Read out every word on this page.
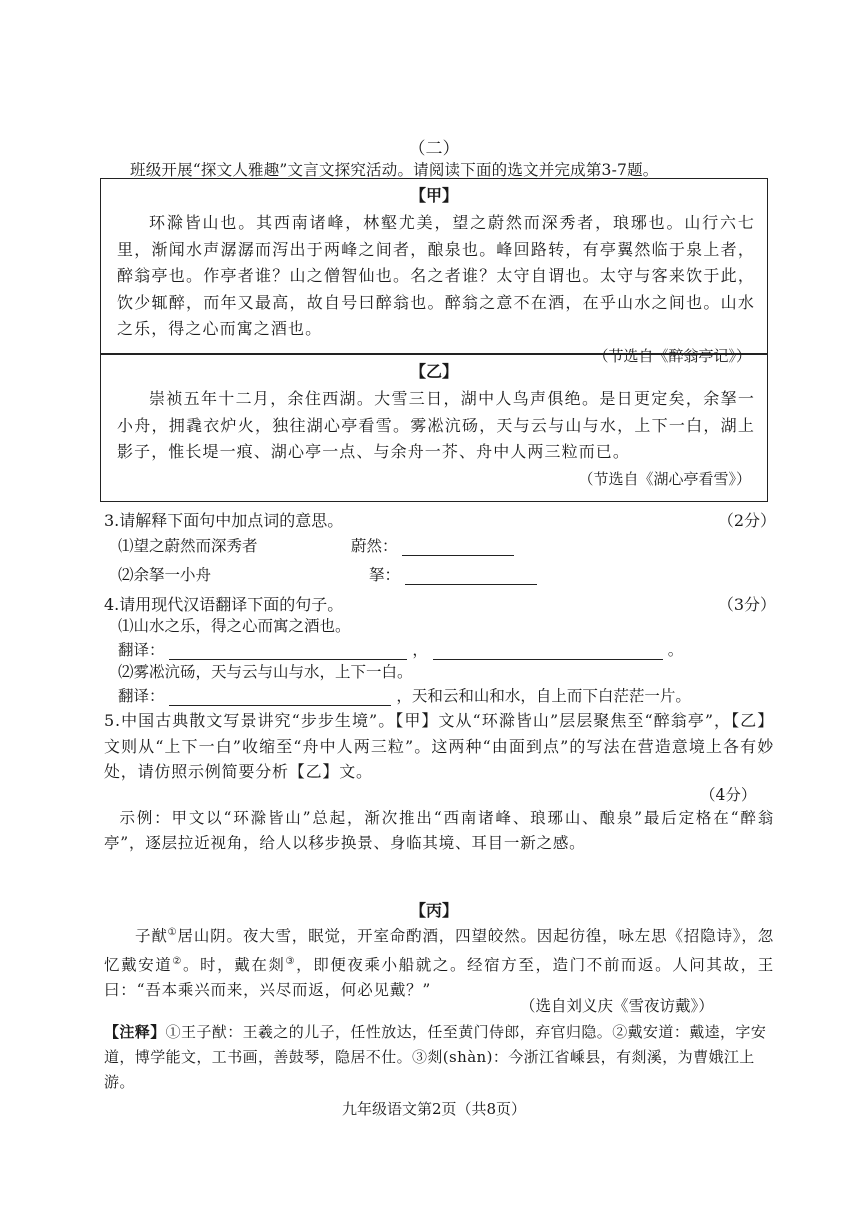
（二）
班级开展“探文人雅趣”文言文探究活动。请阅读下面的选文并完成第3-7题。
【甲】
环滁皆山也。其西南诸峰，林壑尤美，望之蔚然而深秀者，琅琊也。山行六七里，渐闻水声潺潺而泻出于两峰之间者，酿泉也。峰回路转，有亭翼然临于泉上者，醉翁亭也。作亭者谁？山之僧智仙也。名之者谁？太守自谓也。太守与客来饮于此，饮少辄醉，而年又最高，故自号曰醉翁也。醉翁之意不在酒，在乎山水之间也。山水之乐，得之心而寓之酒也。
（节选自《醉翁亭记》）
【乙】
崇祯五年十二月，余住西湖。大雪三日，湖中人鸟声俱绝。是日更定矣，余拏一小舟，拥毳衣炉火，独往湖心亭看雪。雾凇沆砀，天与云与山与水，上下一白，湖上影子，惟长堤一痕、湖心亭一点、与余舟一芥、舟中人两三粒而已。
（节选自《湖心亭看雪》）
3.请解释下面句中加点词的意思。	（2分）
⑴望之蔚然而深秀者	蔚然：
⑵余拏一小舟	拏：
4.请用现代汉语翻译下面的句子。	（3分）
⑴山水之乐，得之心而寓之酒也。
翻译：	，	。
⑵雾凇沆砀，天与云与山与水，上下一白。
翻译：	，天和云和山和水，自上而下白茫茫一片。
5.中国古典散文写景讲究“步步生境”。【甲】文从“环滁皆山”层层聚焦至“醉翁亭”，【乙】文则从“上下一白”收缩至“舟中人两三粒”。这两种“由面到点”的写法在营造意境上各有妙处，请仿照示例简要分析【乙】文。
（4分）
示例：甲文以“环滁皆山”总起，渐次推出“西南诸峰、琅琊山、酿泉”最后定格在“醉翁亭”，逐层拉近视角，给人以移步换景、身临其境、耳目一新之感。
【丙】
子猷①居山阴。夜大雪，眠觉，开室命酌酒，四望皎然。因起彷徨，咏左思《招隐诗》，忽忆戴安道②。时，戴在剡③，即便夜乘小船就之。经宿方至，造门不前而返。人问其故，王曰：“吾本乘兴而来，兴尽而返，何必见戴？”
（选自刘义庆《雪夜访戴》）
【注释】①王子猷：王羲之的儿子，任性放达，任至黄门侍郎，弃官归隐。②戴安道：戴逵，字安道，博学能文，工书画，善鼓琴，隐居不仕。③剡(shàn)：今浙江省嵊县，有剡溪，为曹娥江上游。
九年级语文第2页（共8页）
